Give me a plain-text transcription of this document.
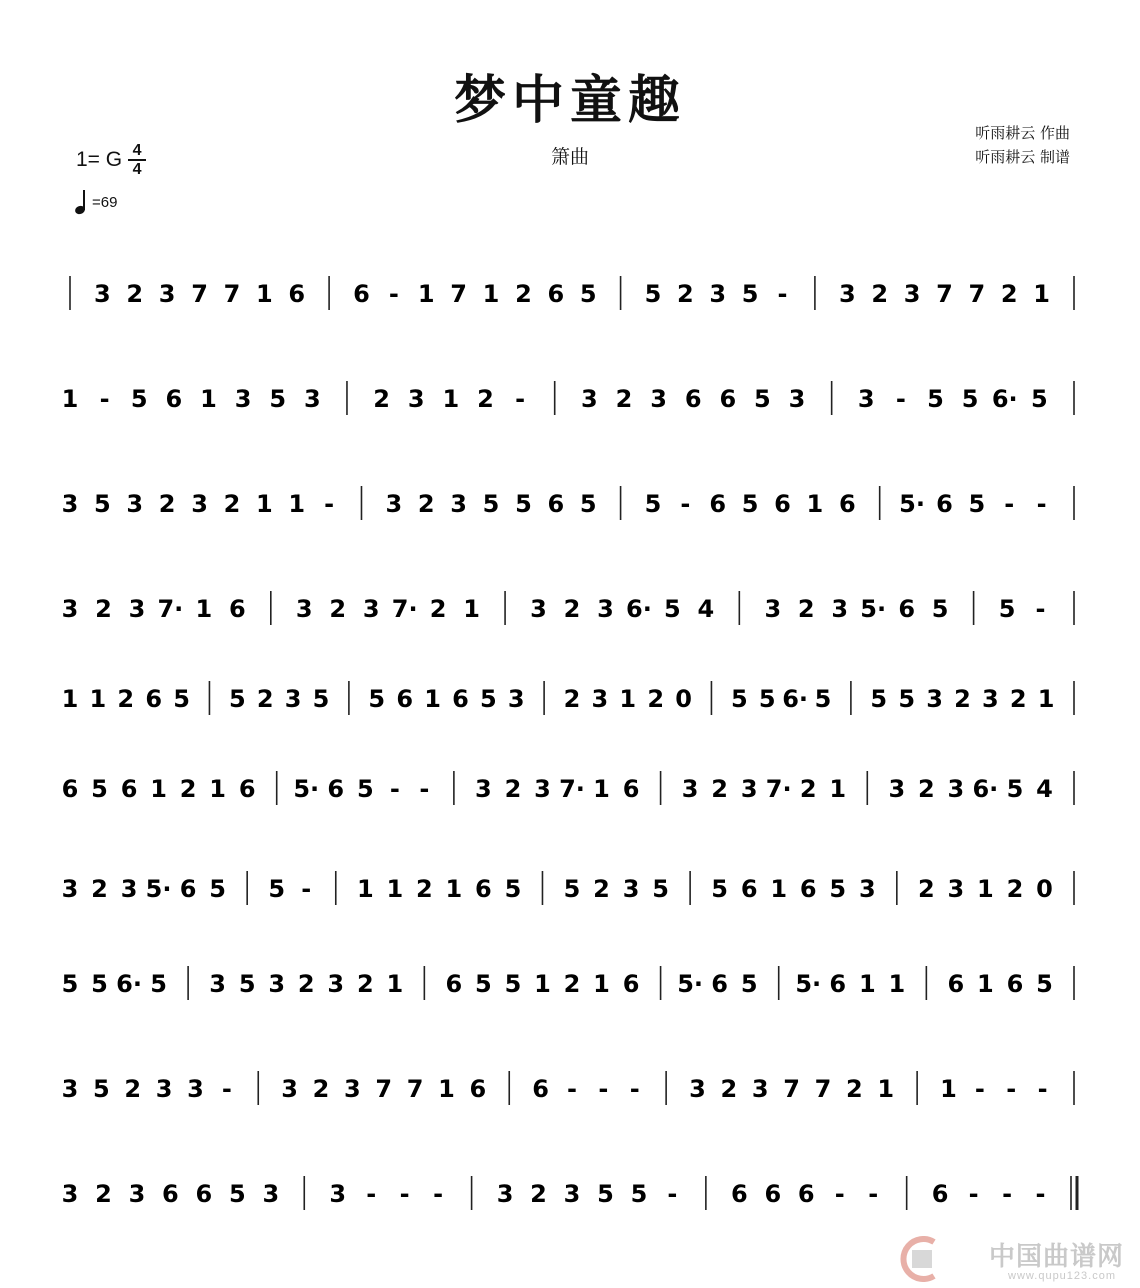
梦中童趣
箫曲
听雨耕云 作曲
听雨耕云 制谱
1= G $\frac{4}{4}$
=69
3 2 3 7 7 1 6 6 - 1 7 1 2 6 5 5 2 3 5 - 3 2 3 7 7 2 1
1 - 5 6 1 3 5 3 2 3 1 2 - 3 2 3 6 6 5 3 3 - 5 5 6· 5
3 5 3 2 3 2 1 1 - 3 2 3 5 5 6 5 5 - 6 5 6 1 6 5· 6 5 - -
3 2 3 7· 1 6 3 2 3 7· 2 1 3 2 3 6· 5 4 3 2 3 5· 6 5 5 -
1 1 2 6 5 5 2 3 5 5 6 1 6 5 3 2 3 1 2 0 5 5 6· 5 5 5 3 2 3 2 1
6 5 6 1 2 1 6 5· 6 5 - - 3 2 3 7· 1 6 3 2 3 7· 2 1 3 2 3 6· 5 4
3 2 3 5· 6 5 5 - 1 1 2 1 6 5 5 2 3 5 5 6 1 6 5 3 2 3 1 2 0
5 5 6· 5 3 5 3 2 3 2 1 6 5 5 1 2 1 6 5· 6 5 5· 6 1 1 6 1 6 5
3 5 2 3 3 - 3 2 3 7 7 1 6 6 - - - 3 2 3 7 7 2 1 1 - - -
3 2 3 6 6 5 3 3 - - - 3 2 3 5 5 - 6 6 6 - - 6 - - -
中国曲谱网
www.qupu123.com
